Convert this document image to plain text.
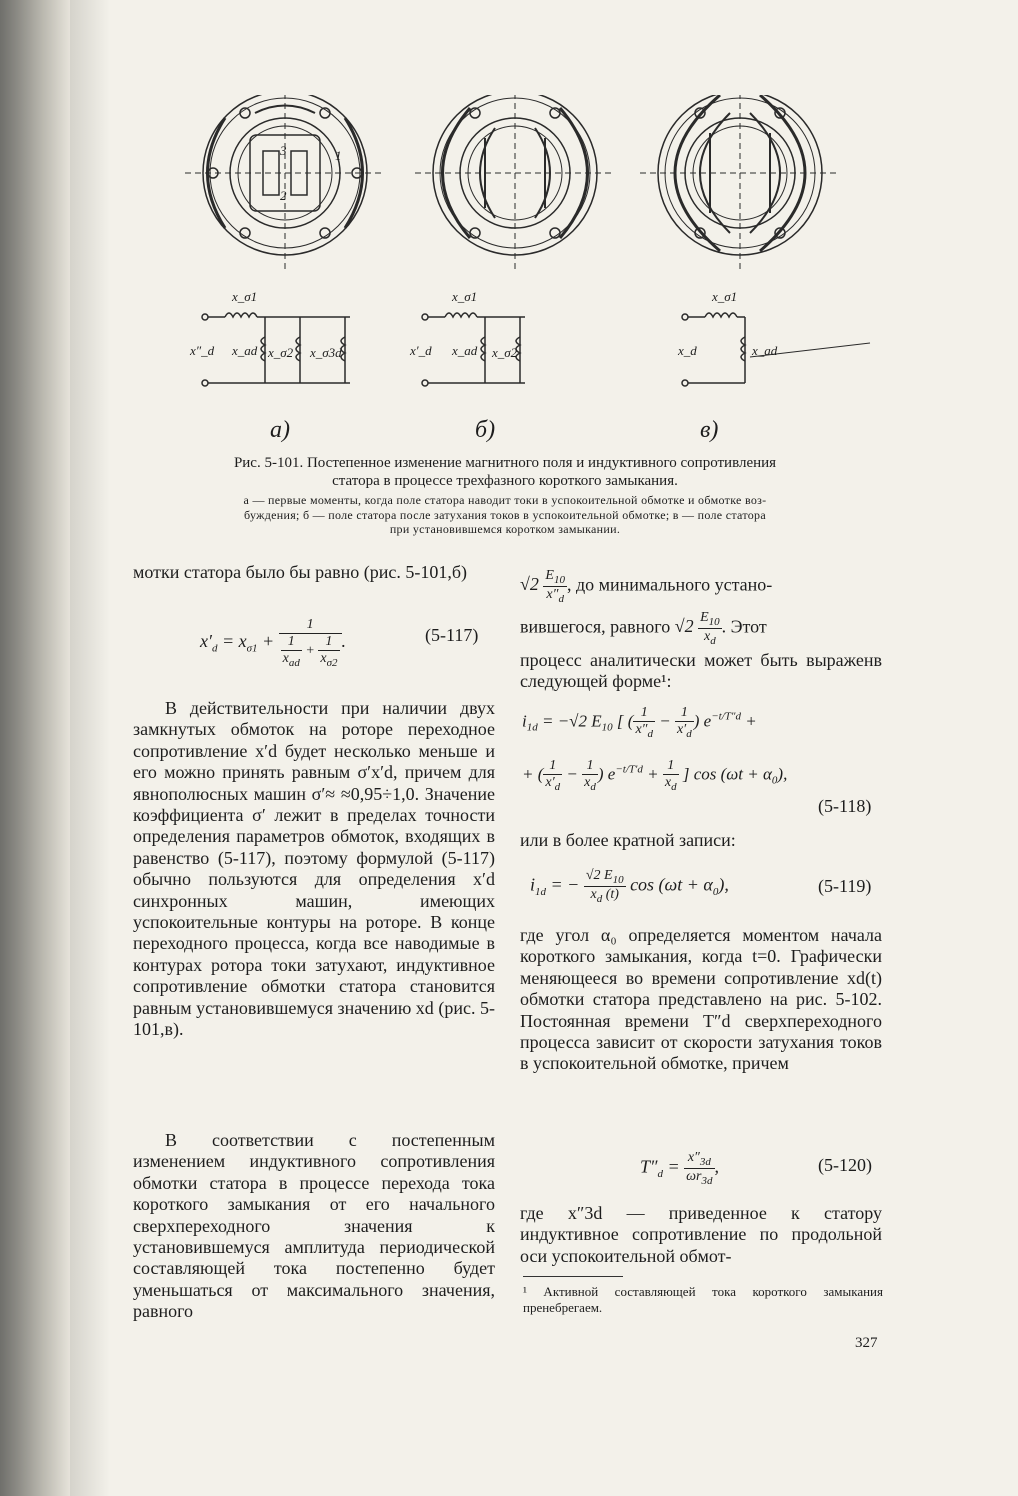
3
2
1
x_σ1
x″_d x_ad x_σ2 x_σ3d
x_σ1
x′_d x_ad x_σ2
x_σ1
x_d	x_ad
а)	б)	в)
Рис. 5-101. Постепенное изменение магнитного поля и индуктивного сопротивления
статора в процессе трехфазного короткого замыкания.
а — первые моменты, когда поле статора наводит токи в успокоительной обмотке и обмотке воз-
буждения; б — поле статора после затухания токов в успокоительной обмотке; в — поле статора
при установившемся коротком замыкании.

мотки статора было бы равно (рис. 5-101,б)

$x'_d = x_{\sigma 1} + \frac{1}{\frac{1}{x_{ad}} + \frac{1}{x_{\sigma 2}}}$ .	(5-117)

В действительности при наличии двух замкнутых обмоток на роторе переходное сопротивление x′d будет несколько меньше и его можно принять равным σ′x′d, причем для явнополюсных машин σ′≈ ≈0,95÷1,0. Значение коэффициента σ′ лежит в пределах точности определения параметров обмоток, входящих в равенство (5-117), поэтому формулой (5-117) обычно пользуются для определения x′d синхронных машин, имеющих успокоительные контуры на роторе. В конце переходного процесса, когда все наводимые в контурах ротора токи затухают, индуктивное сопротивление обмотки статора становится равным установившемуся значению xd (рис. 5-101,в).

В соответствии с постепенным изменением индуктивного сопротивления обмотки статора в процессе перехода тока короткого замыкания от его начального сверхпереходного значения к установившемуся амплитуда периодической составляющей тока постепенно будет уменьшаться от максимального значения, равного

$√2 \frac{E_{10}}{x''_d}$ , до минимального устано-
вившегося, равного $√2 \frac{E_{10}}{x_d}$ . Этот

процесс аналитически может быть выраженв следующей форме¹:

$i_{1d} = -√2$ $E_{10}$ [ ( $\frac{1}{x''_d} - \frac{1}{x'_d}$ ) $e^{-t/T''d}$ +
+ ( $\frac{1}{x'_d} - \frac{1}{x_d}$ ) $e^{-t/T'd} + \frac{1}{x_d}$ ] $\cos (\omega t + \alpha_0)$,
(5-118)

или в более кратной записи:

$i_{1d}$ = − $\frac{√2 E_{10}}{x_d (t)}$ $\cos (\omega t + \alpha_0)$,	(5-119)

где угол α₀ определяется моментом начала короткого замыкания, когда t=0. Графически меняющееся во времени сопротивление xd(t) обмотки статора представлено на рис. 5-102. Постоянная времени T″d сверхпереходного процесса зависит от скорости затухания токов в успокоительной обмотке, причем

$T''_d = \frac{x''_{3d}}{\omega r_{3d}}$ ,	(5-120)

где x″3d — приведенное к статору индуктивное сопротивление по продольной оси успокоительной обмот-

¹ Активной составляющей тока короткого замыкания пренебрегаем.
327
